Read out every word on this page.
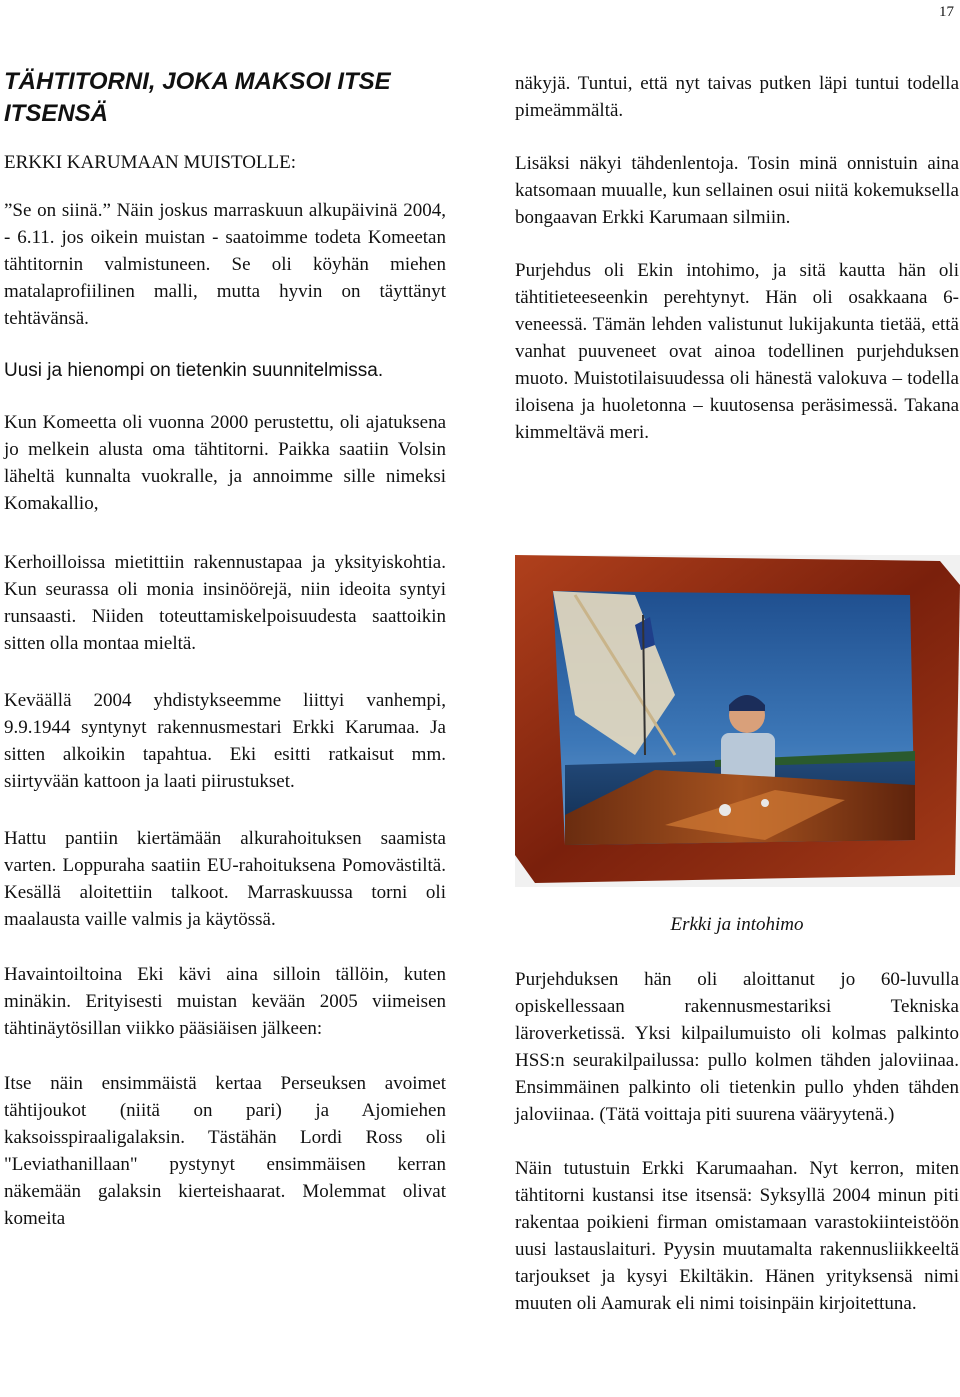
17
TÄHTITORNI, JOKA MAKSOI ITSE ITSENSÄ
ERKKI KARUMAAN MUISTOLLE:

”Se on siinä.” Näin joskus marraskuun alkupäivinä 2004, - 6.11. jos oikein muistan - saatoimme todeta Komeetan tähtitornin valmistuneen. Se oli köyhän miehen matalaprofiilinen malli, mutta hyvin on täyttänyt tehtävänsä.

Uusi ja hienompi on tietenkin suunnitelmissa.

Kun Komeetta oli vuonna 2000 perustettu, oli ajatuksena jo melkein alusta oma tähtitorni. Paikka saatiin Volsin läheltä kunnalta vuokralle, ja annoimme sille nimeksi Komakallio,

Kerhoilloissa mietittiin rakennustapaa ja yksityiskohtia. Kun seurassa oli monia insinöörejä, niin ideoita syntyi runsaasti. Niiden toteuttamiskelpoisuudesta saattoikin sitten olla montaa mieltä.

Keväällä 2004 yhdistykseemme liittyi vanhempi, 9.9.1944 syntynyt rakennusmestari Erkki Karumaa. Ja sitten alkoikin tapahtua. Eki esitti ratkaisut mm. siirtyvään kattoon ja laati piirustukset.

Hattu pantiin kiertämään alkurahoituksen saamista varten. Loppuraha saatiin EU-rahoituksena Pomovästiltä. Kesällä aloitettiin talkoot. Marraskuussa torni oli maalausta vaille valmis ja käytössä.

Havaintoiltoina Eki kävi aina silloin tällöin, kuten minäkin. Erityisesti muistan kevään 2005 viimeisen tähtinäytösillan viikko pääsiäisen jälkeen:

Itse näin ensimmäistä kertaa Perseuksen avoimet tähtijoukot (niitä on pari) ja Ajomiehen kaksoisspiraaligalaksin. Tästähän Lordi Ross oli "Leviathanillaan" pystynyt ensimmäisen kerran näkemään galaksin kierteishaarat. Molemmat olivat komeita

näkyjä. Tuntui, että nyt taivas putken läpi tuntui todella pimeämmältä.

Lisäksi näkyi tähdenlentoja. Tosin minä onnistuin aina katsomaan muualle, kun sellainen osui niitä kokemuksella bongaavan Erkki Karumaan silmiin.

Purjehdus oli Ekin intohimo, ja sitä kautta hän oli tähtitieteeseenkin perehtynyt. Hän oli osakkaana 6-veneessä. Tämän lehden valistunut lukijakunta tietää, että vanhat puuveneet ovat ainoa todellinen purjehduksen muoto. Muistotilaisuudessa oli hänestä valokuva – todella iloisena ja huoletonna – kuutosensa peräsimessä. Takana kimmeltävä meri.

Erkki ja intohimo

Purjehduksen hän oli aloittanut jo 60-luvulla opiskellessaan rakennusmestariksi Tekniska läroverketissä. Yksi kilpailumuisto oli kolmas palkinto HSS:n seurakilpailussa: pullo kolmen tähden jaloviinaa. Ensimmäinen palkinto oli tietenkin pullo yhden tähden jaloviinaa. (Tätä voittaja piti suurena vääryytenä.)

Näin tutustuin Erkki Karumaahan. Nyt kerron, miten tähtitorni kustansi itse itsensä: Syksyllä 2004 minun piti rakentaa poikieni firman omistamaan varastokiinteistöön uusi lastauslaituri. Pyysin muutamalta rakennusliikkeeltä tarjoukset ja kysyi Ekiltäkin. Hänen yrityksensä nimi muuten oli Aamurak eli nimi toisinpäin kirjoitettuna.
